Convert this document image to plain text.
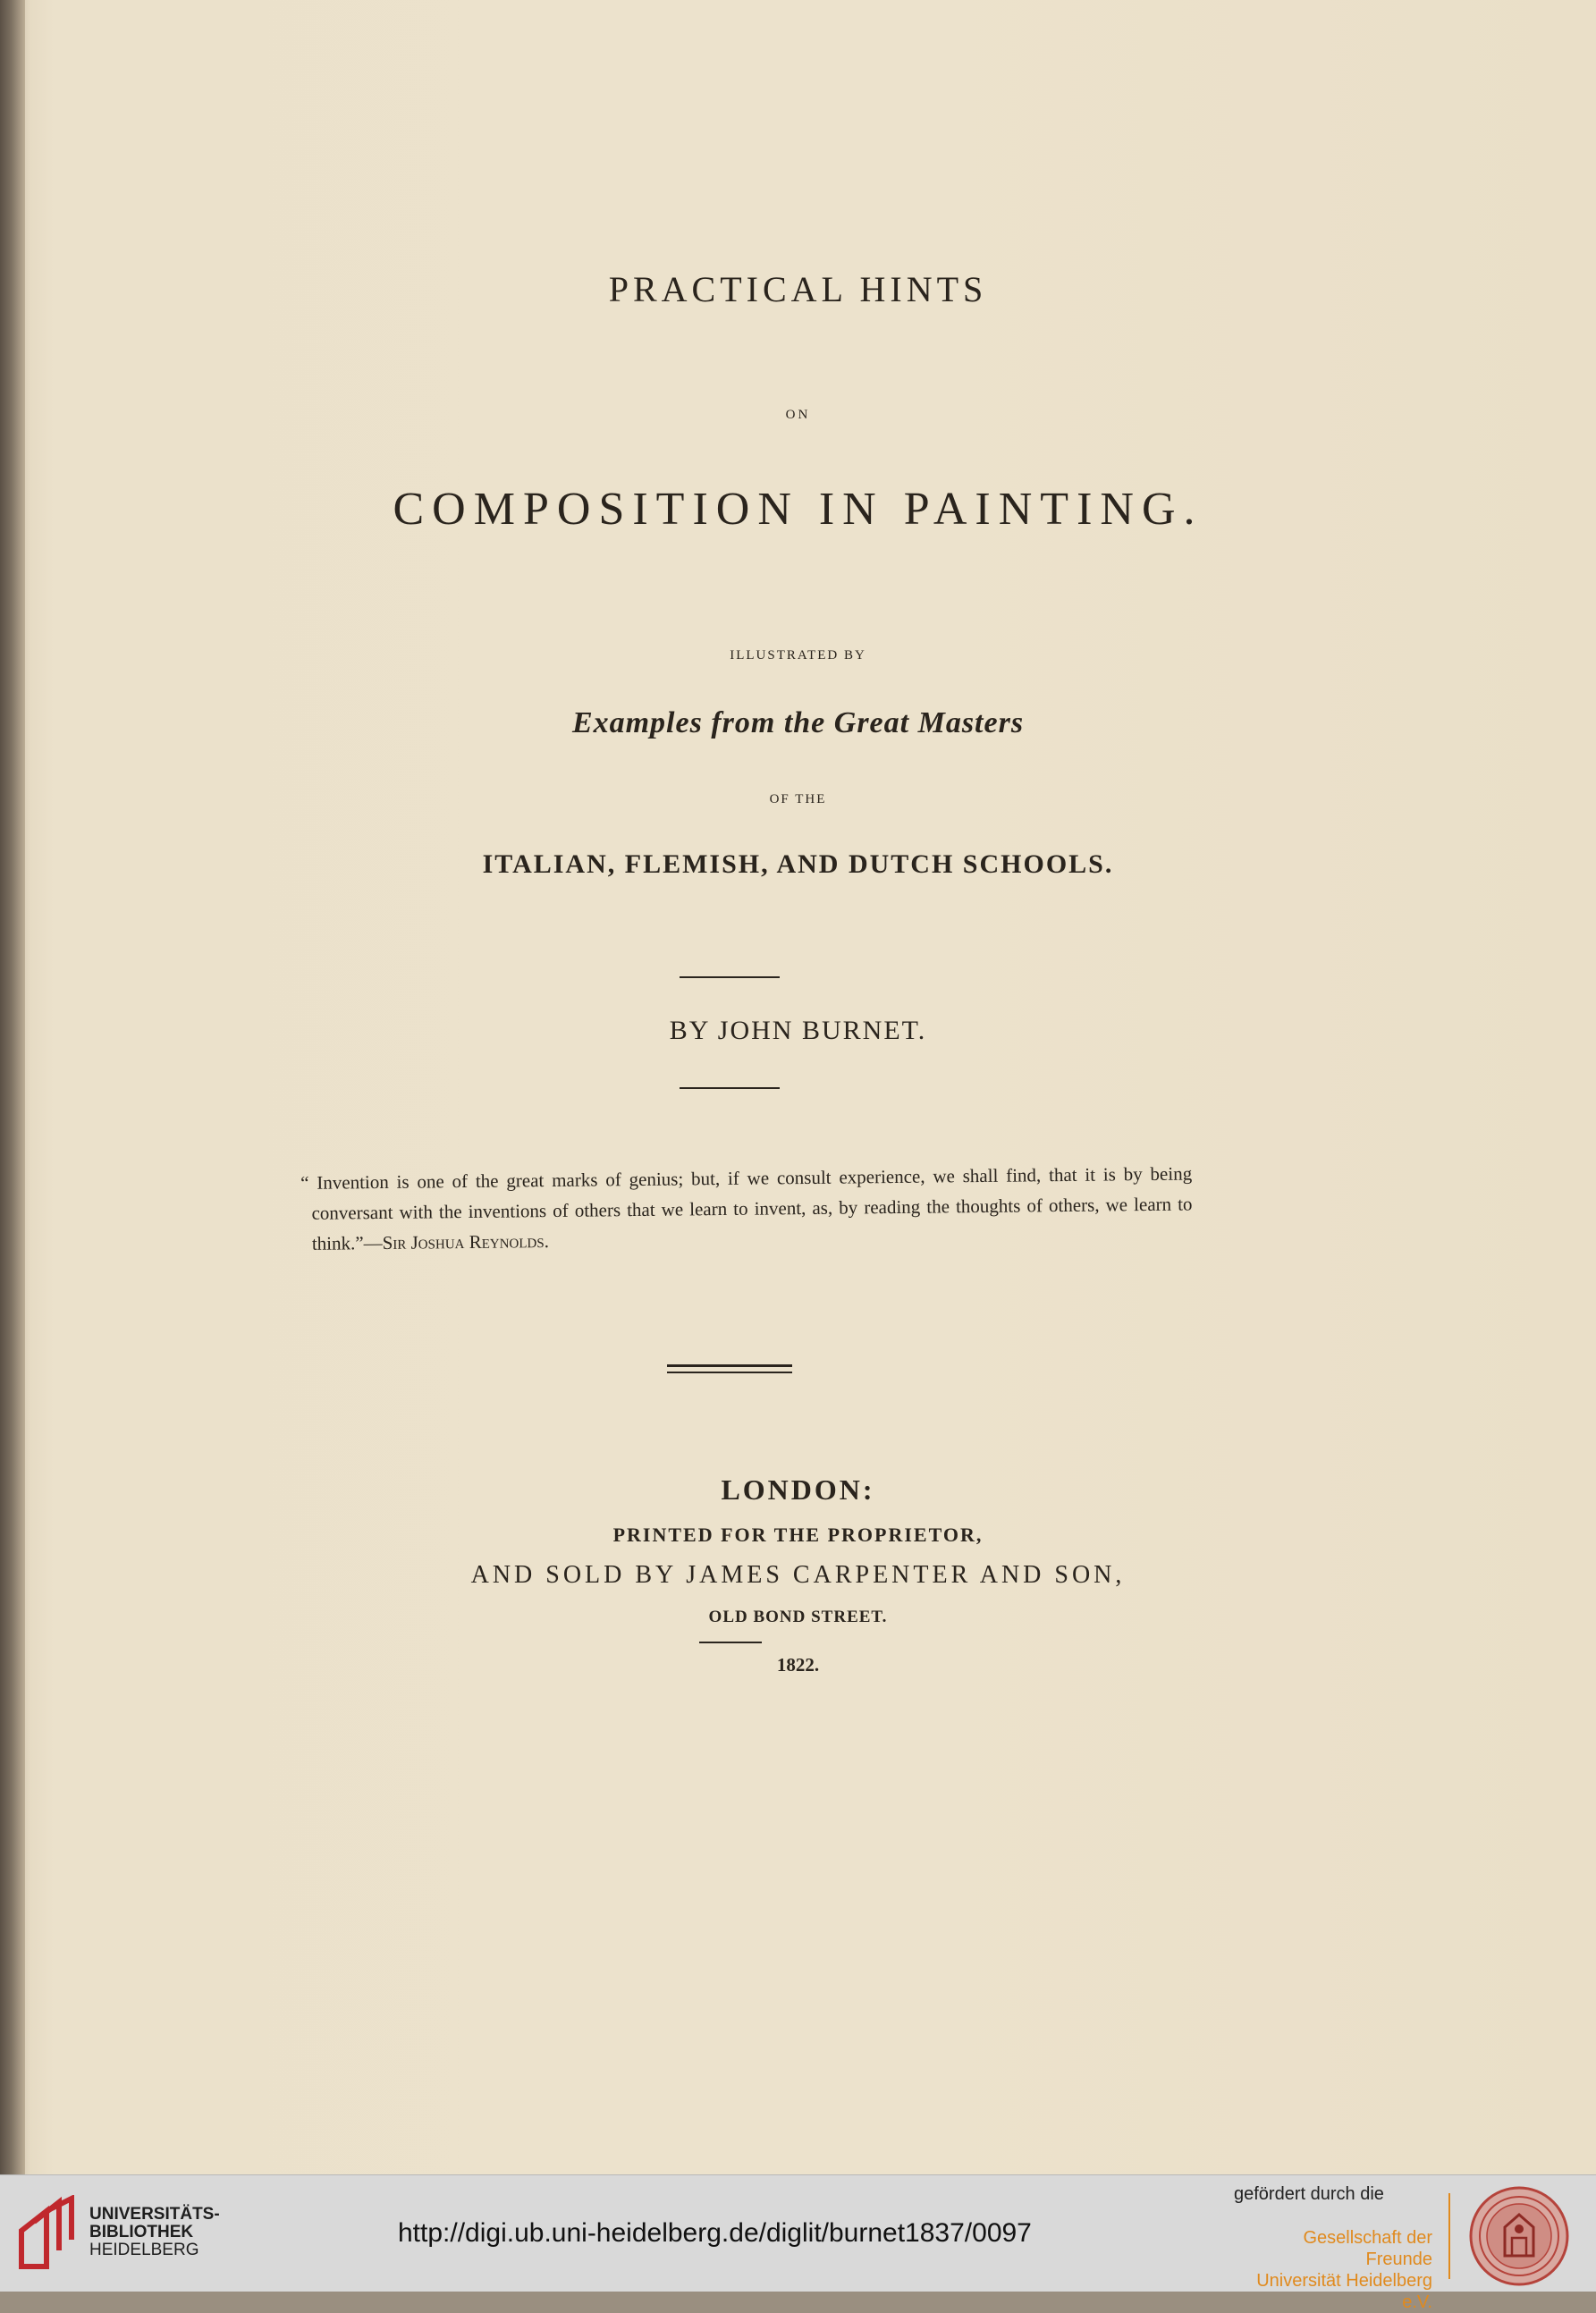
PRACTICAL HINTS
ON
COMPOSITION IN PAINTING.
ILLUSTRATED BY
Examples from the Great Masters
OF THE
ITALIAN, FLEMISH, AND DUTCH SCHOOLS.
BY JOHN BURNET.
“ Invention is one of the great marks of genius; but, if we consult experience, we shall find, that it is by being conversant with the inventions of others that we learn to invent, as, by reading the thoughts of others, we learn to think.”—Sir Joshua Reynolds.
LONDON:
PRINTED FOR THE PROPRIETOR,
AND SOLD BY JAMES CARPENTER AND SON,
OLD BOND STREET.
1822.
UNIVERSITÄTS-
BIBLIOTHEK
HEIDELBERG
http://digi.ub.uni-heidelberg.de/diglit/burnet1837/0097
gefördert durch die
Gesellschaft der Freunde
Universität Heidelberg e.V.
